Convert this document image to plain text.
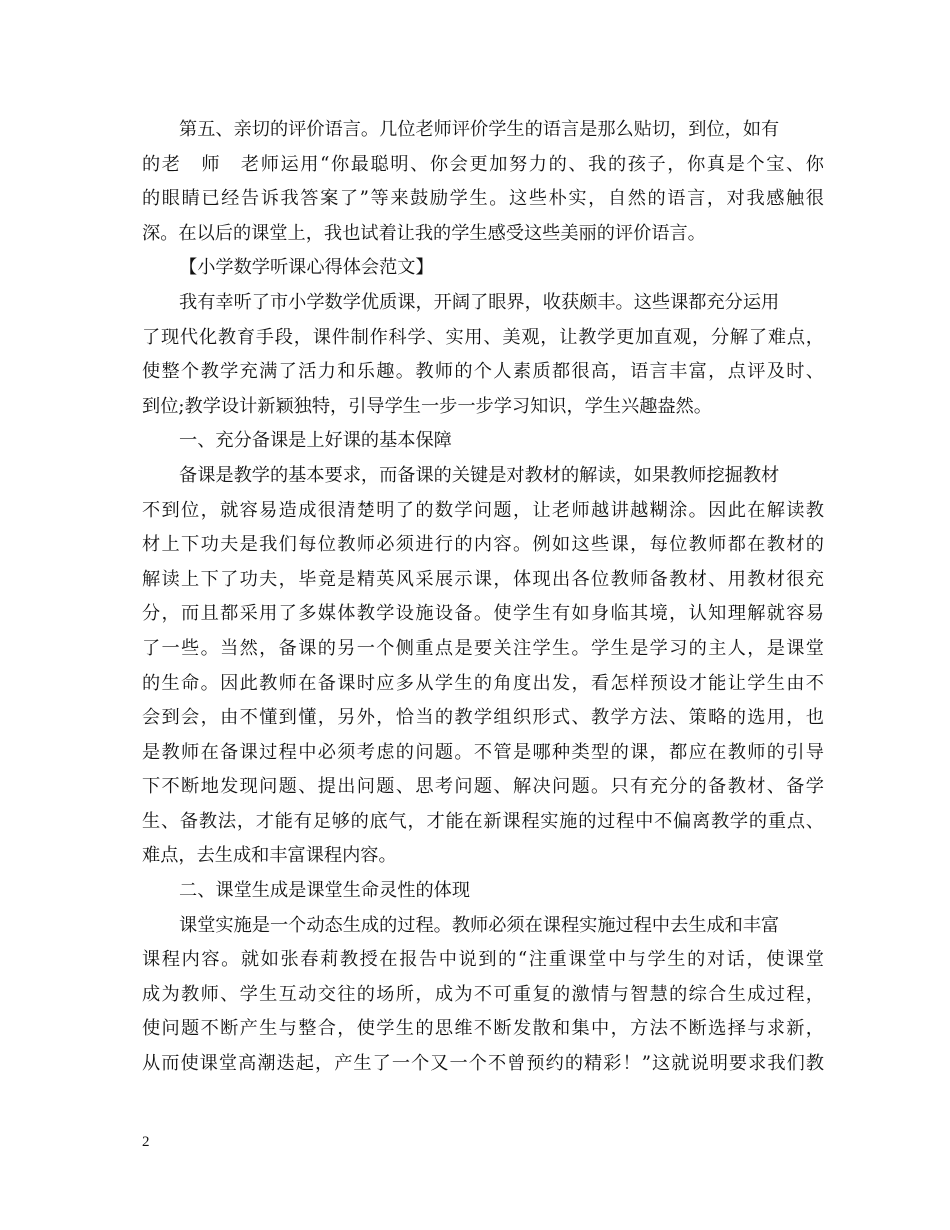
第五、亲切的评价语言。几位老师评价学生的语言是那么贴切，到位，如有
的老　师　老师运用“你最聪明、你会更加努力的、我的孩子，你真是个宝、你
的眼睛已经告诉我答案了”等来鼓励学生。这些朴实，自然的语言，对我感触很
深。在以后的课堂上，我也试着让我的学生感受这些美丽的评价语言。
【小学数学听课心得体会范文】
我有幸听了市小学数学优质课，开阔了眼界，收获颇丰。这些课都充分运用
了现代化教育手段，课件制作科学、实用、美观，让教学更加直观，分解了难点，
使整个教学充满了活力和乐趣。教师的个人素质都很高，语言丰富，点评及时、
到位;教学设计新颖独特，引导学生一步一步学习知识，学生兴趣盎然。
一、充分备课是上好课的基本保障
备课是教学的基本要求，而备课的关键是对教材的解读，如果教师挖掘教材
不到位，就容易造成很清楚明了的数学问题，让老师越讲越糊涂。因此在解读教
材上下功夫是我们每位教师必须进行的内容。例如这些课，每位教师都在教材的
解读上下了功夫，毕竟是精英风采展示课，体现出各位教师备教材、用教材很充
分，而且都采用了多媒体教学设施设备。使学生有如身临其境，认知理解就容易
了一些。当然，备课的另一个侧重点是要关注学生。学生是学习的主人，是课堂
的生命。因此教师在备课时应多从学生的角度出发，看怎样预设才能让学生由不
会到会，由不懂到懂，另外，恰当的教学组织形式、教学方法、策略的选用，也
是教师在备课过程中必须考虑的问题。不管是哪种类型的课，都应在教师的引导
下不断地发现问题、提出问题、思考问题、解决问题。只有充分的备教材、备学
生、备教法，才能有足够的底气，才能在新课程实施的过程中不偏离教学的重点、
难点，去生成和丰富课程内容。
二、课堂生成是课堂生命灵性的体现
课堂实施是一个动态生成的过程。教师必须在课程实施过程中去生成和丰富
课程内容。就如张春莉教授在报告中说到的“注重课堂中与学生的对话，使课堂
成为教师、学生互动交往的场所，成为不可重复的激情与智慧的综合生成过程，
使问题不断产生与整合，使学生的思维不断发散和集中，方法不断选择与求新，
从而使课堂高潮迭起，产生了一个又一个不曾预约的精彩！”这就说明要求我们教
2
